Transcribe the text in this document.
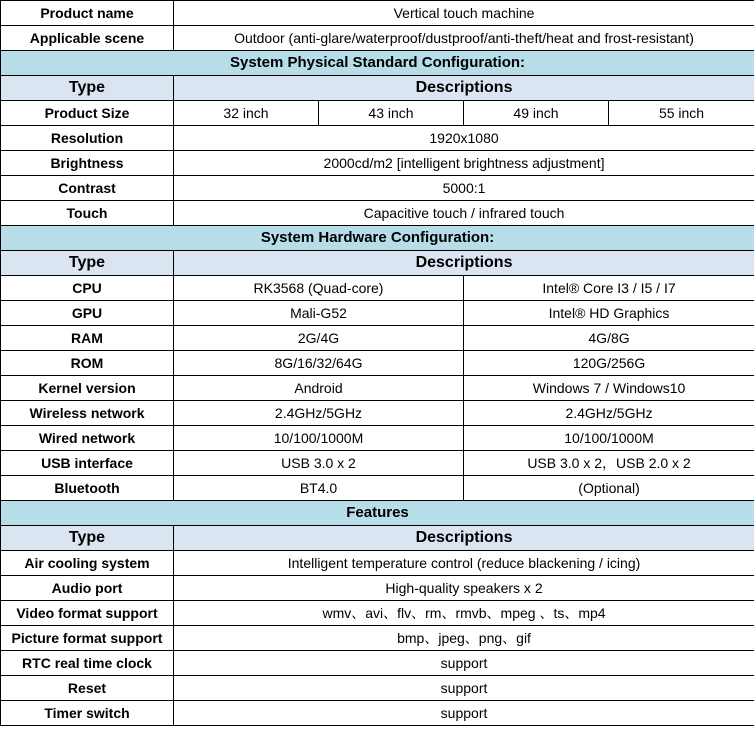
Product name	Vertical touch machine			
Applicable scene	Outdoor (anti-glare/waterproof/dustproof/anti-theft/heat and frost-resistant)			
System Physical Standard Configuration:				
Type	Descriptions			
Product Size	32 inch	43 inch	49 inch	55 inch
Resolution	1920x1080			
Brightness	2000cd/m2 [intelligent brightness adjustment]			
Contrast	5000:1			
Touch	Capacitive touch / infrared touch			
System Hardware Configuration:				
Type	Descriptions			
CPU	RK3568 (Quad-core)		Intel® Core I3 / I5 / I7	
GPU	Mali-G52		Intel® HD Graphics	
RAM	2G/4G		4G/8G	
ROM	8G/16/32/64G		120G/256G	
Kernel version	Android		Windows 7 / Windows10	
Wireless network	2.4GHz/5GHz		2.4GHz/5GHz	
Wired network	10/100/1000M		10/100/1000M	
USB interface	USB 3.0 x 2		USB 3.0 x 2，USB 2.0 x 2	
Bluetooth	BT4.0		(Optional)	
Features				
Type	Descriptions			
Air cooling system	Intelligent temperature control (reduce blackening / icing)			
Audio port	High-quality speakers x 2			
Video format support	wmv、avi、flv、rm、rmvb、mpeg 、ts、mp4			
Picture format support	bmp、jpeg、png、gif			
RTC real time clock	support			
Reset	support			
Timer switch	support			
